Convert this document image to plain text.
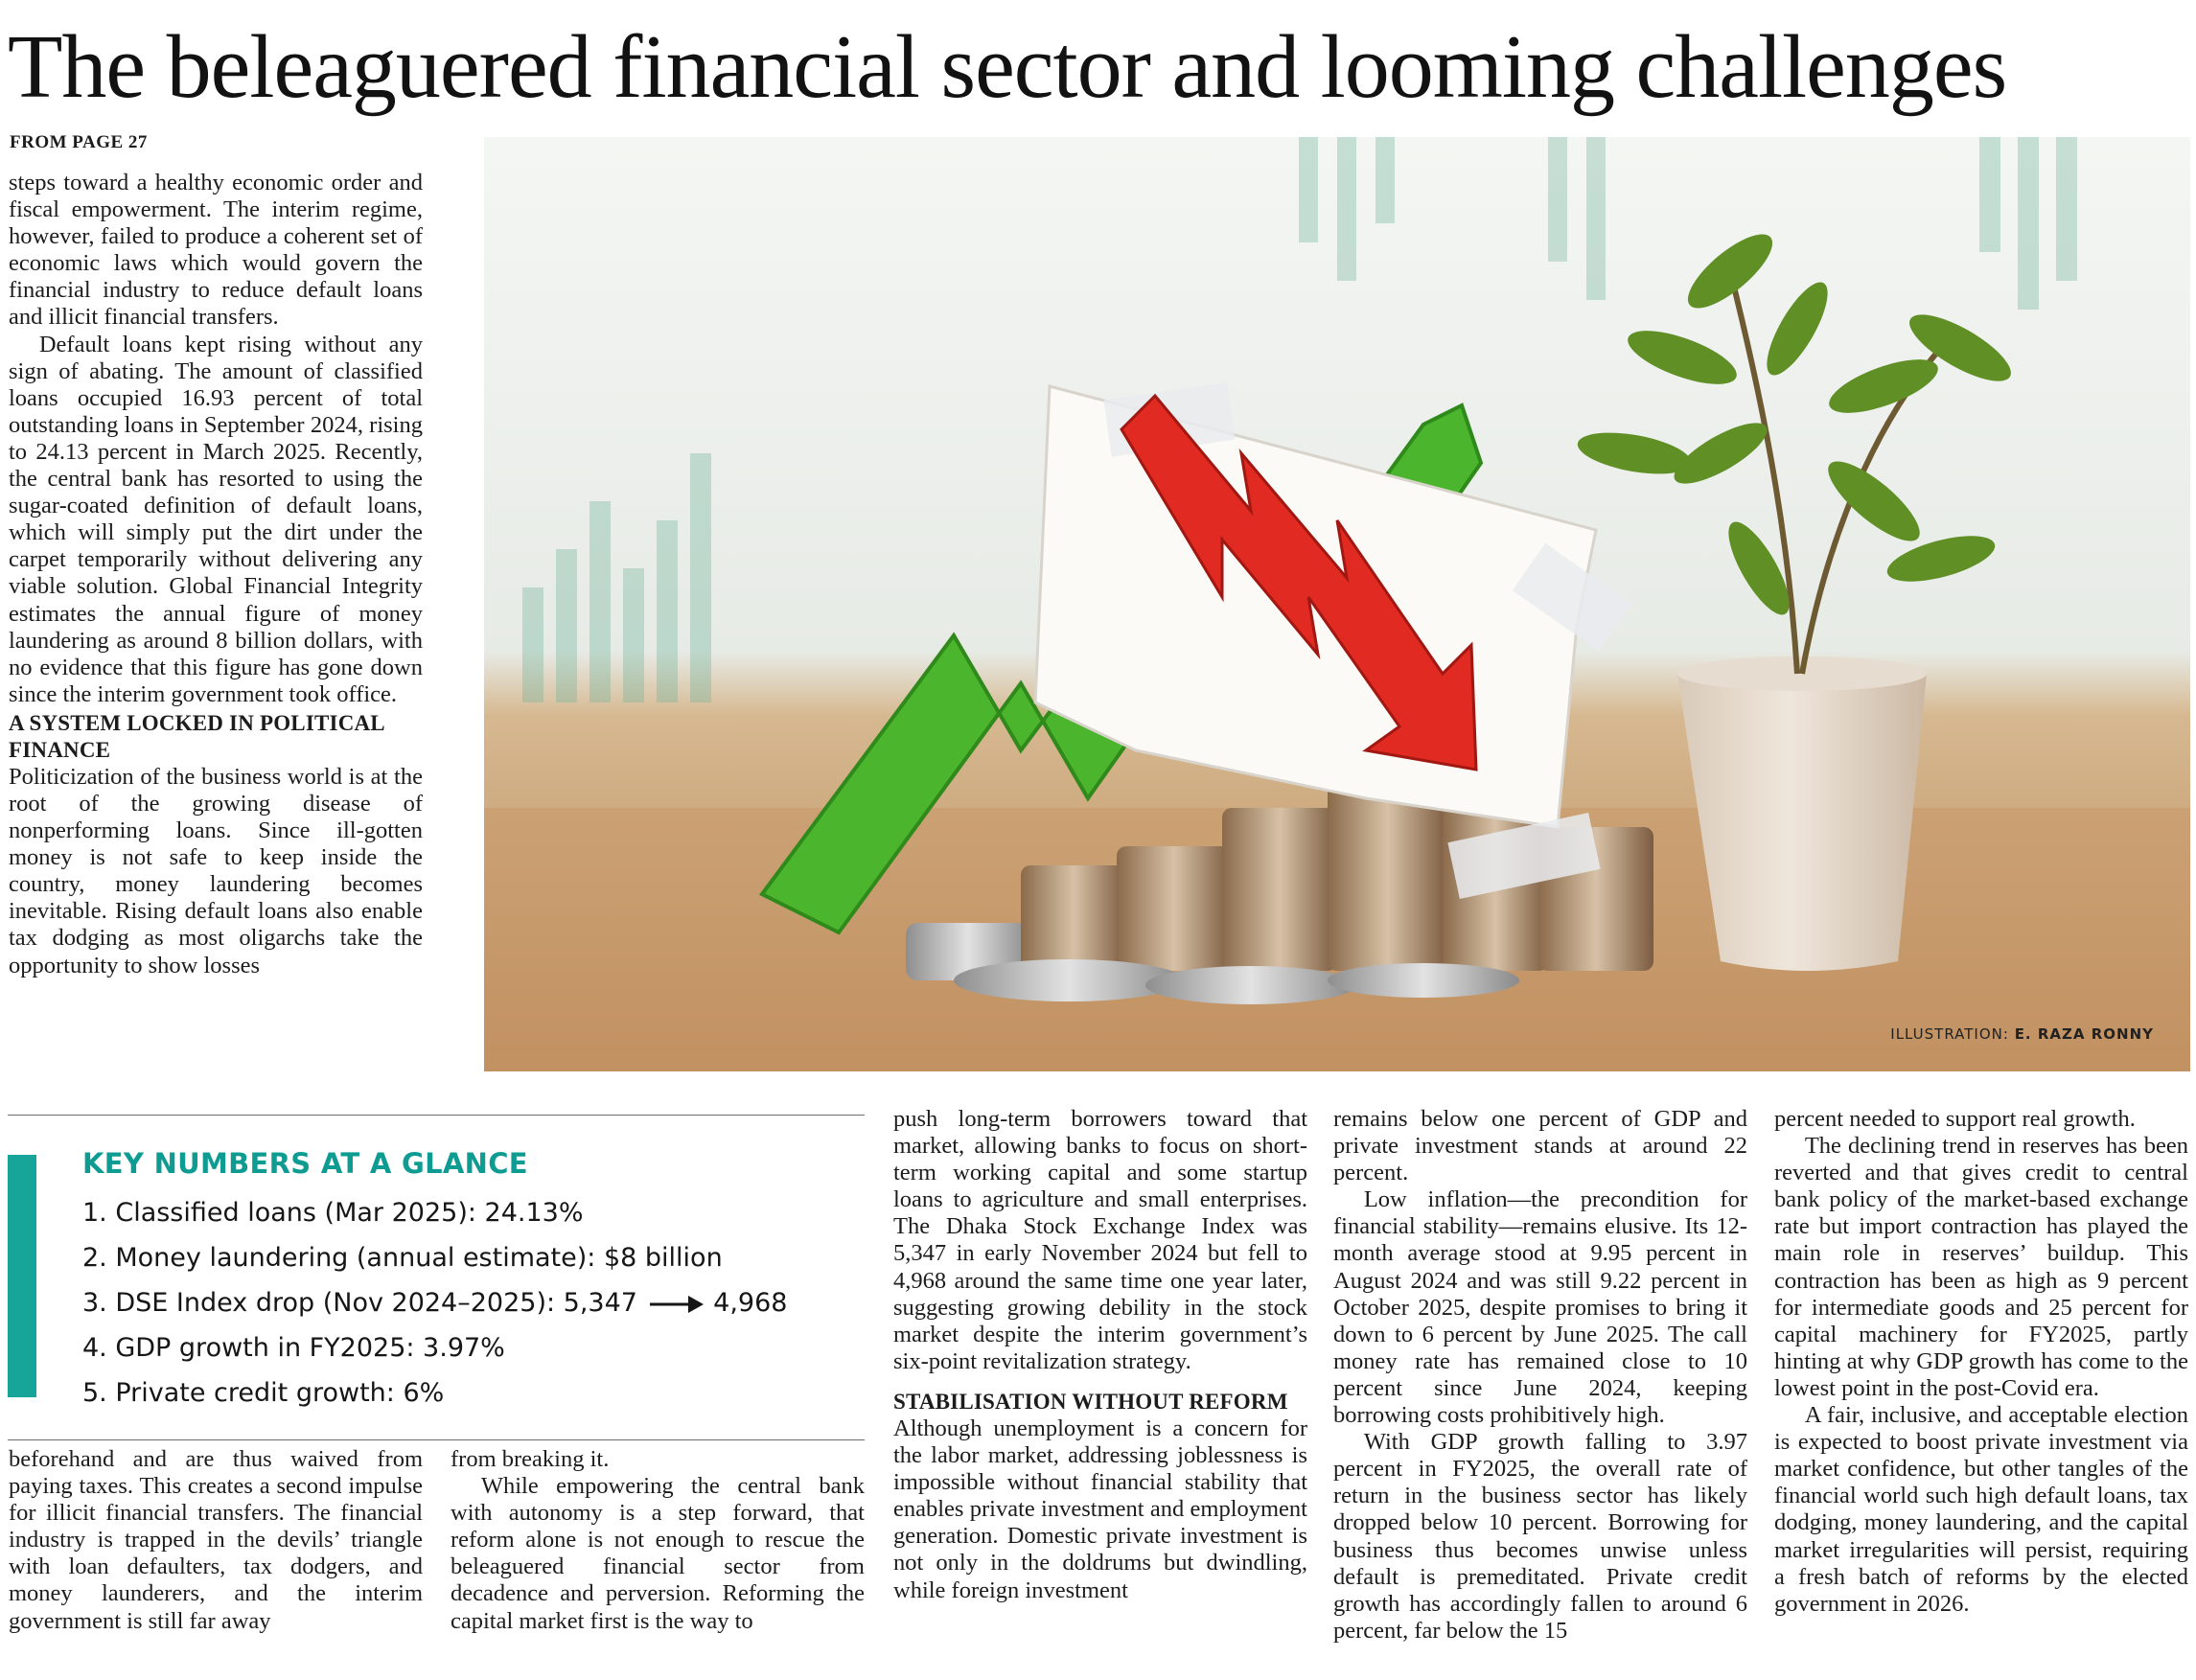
The beleaguered financial sector and looming challenges
FROM PAGE 27

steps toward a healthy economic order and fiscal empowerment. The interim regime, however, failed to produce a coherent set of economic laws which would govern the financial industry to reduce default loans and illicit financial transfers.

Default loans kept rising without any sign of abating. The amount of classified loans occupied 16.93 percent of total outstanding loans in September 2024, rising to 24.13 percent in March 2025. Recently, the central bank has resorted to using the sugar-coated definition of default loans, which will simply put the dirt under the carpet temporarily without delivering any viable solution. Global Financial Integrity estimates the annual figure of money laundering as around 8 billion dollars, with no evidence that this figure has gone down since the interim government took office.

A SYSTEM LOCKED IN POLITICAL FINANCE

Politicization of the business world is at the root of the growing disease of nonperforming loans. Since ill-gotten money is not safe to keep inside the country, money laundering becomes inevitable. Rising default loans also enable tax dodging as most oligarchs take the opportunity to show losses

ILLUSTRATION: E. RAZA RONNY
KEY NUMBERS AT A GLANCE
1. Classified loans (Mar 2025): 24.13%
2. Money laundering (annual estimate): $8 billion
3. DSE Index drop (Nov 2024–2025): 5,347	4,968
4. GDP growth in FY2025: 3.97%
5. Private credit growth: 6%

beforehand and are thus waived from paying taxes. This creates a second impulse for illicit financial transfers. The financial industry is trapped in the devils’ triangle with loan defaulters, tax dodgers, and money launderers, and the interim government is still far away

from breaking it.

While empowering the central bank with autonomy is a step forward, that reform alone is not enough to rescue the beleaguered financial sector from decadence and perversion. Reforming the capital market first is the way to

push long-term borrowers toward that market, allowing banks to focus on short-term working capital and some startup loans to agriculture and small enterprises. The Dhaka Stock Exchange Index was 5,347 in early November 2024 but fell to 4,968 around the same time one year later, suggesting growing debility in the stock market despite the interim government’s six-point revitalization strategy.

STABILISATION WITHOUT REFORM

Although unemployment is a concern for the labor market, addressing joblessness is impossible without financial stability that enables private investment and employment generation. Domestic private investment is not only in the doldrums but dwindling, while foreign investment

remains below one percent of GDP and private investment stands at around 22 percent.

Low inflation—the precondition for financial stability—remains elusive. Its 12-month average stood at 9.95 percent in August 2024 and was still 9.22 percent in October 2025, despite promises to bring it down to 6 percent by June 2025. The call money rate has remained close to 10 percent since June 2024, keeping borrowing costs prohibitively high.

With GDP growth falling to 3.97 percent in FY2025, the overall rate of return in the business sector has likely dropped below 10 percent. Borrowing for business thus becomes unwise unless default is premeditated. Private credit growth has accordingly fallen to around 6 percent, far below the 15

percent needed to support real growth.

The declining trend in reserves has been reverted and that gives credit to central bank policy of the market-based exchange rate but import contraction has played the main role in reserves’ buildup. This contraction has been as high as 9 percent for intermediate goods and 25 percent for capital machinery for FY2025, partly hinting at why GDP growth has come to the lowest point in the post-Covid era.

A fair, inclusive, and acceptable election is expected to boost private investment via market confidence, but other tangles of the financial world such high default loans, tax dodging, money laundering, and the capital market irregularities will persist, requiring a fresh batch of reforms by the elected government in 2026.
